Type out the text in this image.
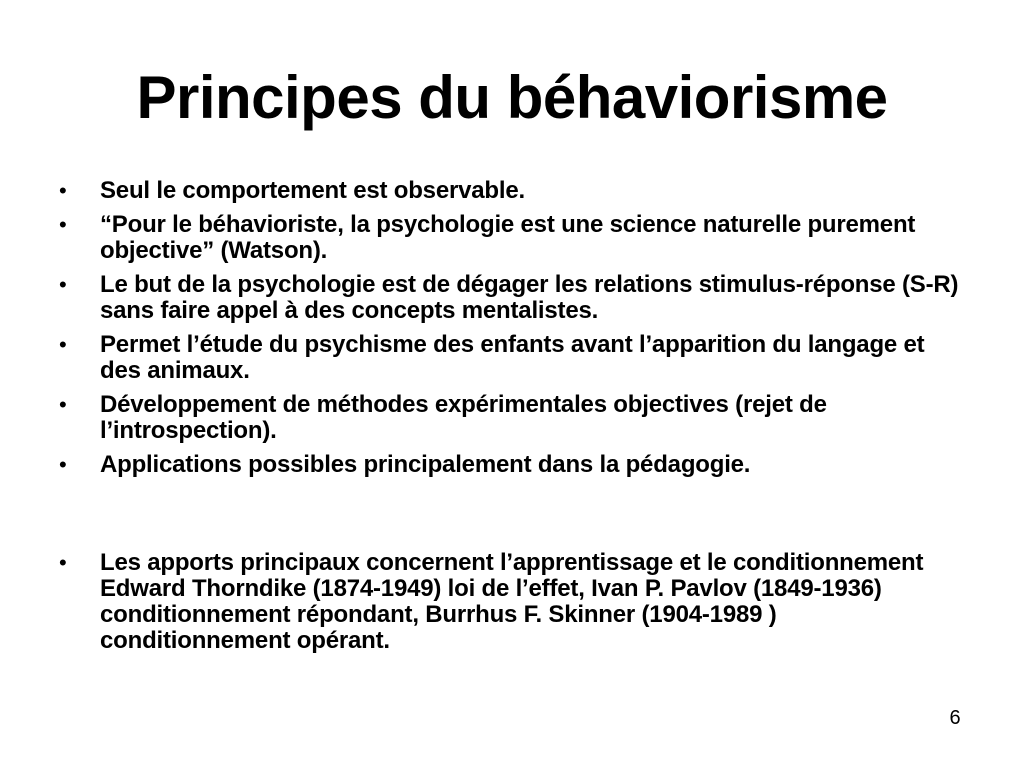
Principes du béhaviorisme
• Seul le comportement est observable.
• “Pour le béhavioriste, la psychologie est une science naturelle purement objective” (Watson).
• Le but de la psychologie est de dégager les relations stimulus-réponse (S-R) sans faire appel à des concepts mentalistes.
• Permet l’étude du psychisme des enfants avant l’apparition du langage et des animaux.
• Développement de méthodes expérimentales objectives (rejet de l’introspection).
• Applications possibles principalement dans la pédagogie.
• Les apports principaux concernent l’apprentissage et le conditionnement Edward Thorndike (1874-1949) loi de l’effet, Ivan P. Pavlov (1849-1936) conditionnement répondant, Burrhus F. Skinner (1904-1989 ) conditionnement opérant.
6
